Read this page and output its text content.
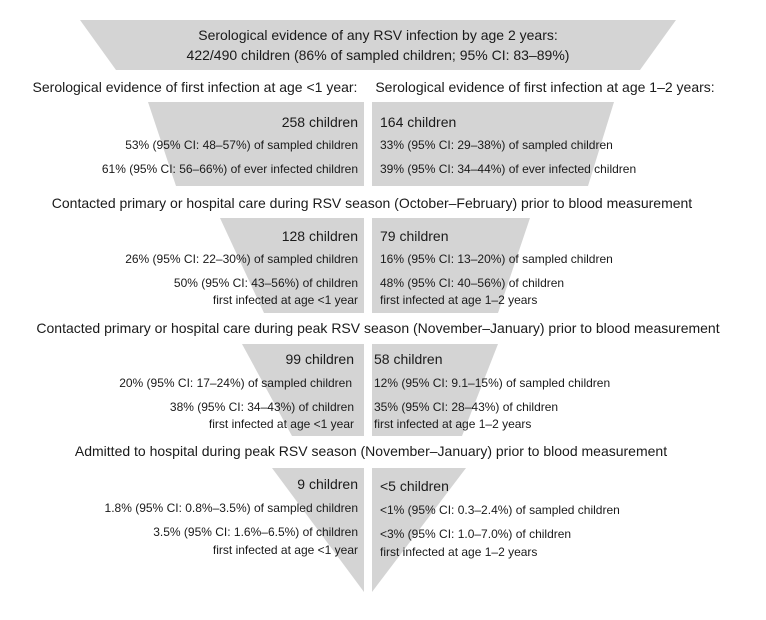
Serological evidence of any RSV infection by age 2 years:
422/490 children (86% of sampled children; 95% CI: 83–89%)
Serological evidence of first infection at age <1 year: Serological evidence of first infection at age 1–2 years:
258 children
53% (95% CI: 48–57%) of sampled children
61% (95% CI: 56–66%) of ever infected children
164 children
33% (95% CI: 29–38%) of sampled children
39% (95% CI: 34–44%) of ever infected children
Contacted primary or hospital care during RSV season (October–February) prior to blood measurement
128 children
26% (95% CI: 22–30%) of sampled children
50% (95% CI: 43–56%) of children
first infected at age <1 year
79 children
16% (95% CI: 13–20%) of sampled children
48% (95% CI: 40–56%) of children
first infected at age 1–2 years
Contacted primary or hospital care during peak RSV season (November–January) prior to blood measurement
99 children
20% (95% CI: 17–24%) of sampled children
38% (95% CI: 34–43%) of children
first infected at age <1 year
58 children
12% (95% CI: 9.1–15%) of sampled children
35% (95% CI: 28–43%) of children
first infected at age 1–2 years
Admitted to hospital during peak RSV season (November–January) prior to blood measurement
9 children
1.8% (95% CI: 0.8%–3.5%) of sampled children
3.5% (95% CI: 1.6%–6.5%) of children
first infected at age <1 year
<5 children
<1% (95% CI: 0.3–2.4%) of sampled children
<3% (95% CI: 1.0–7.0%) of children
first infected at age 1–2 years
